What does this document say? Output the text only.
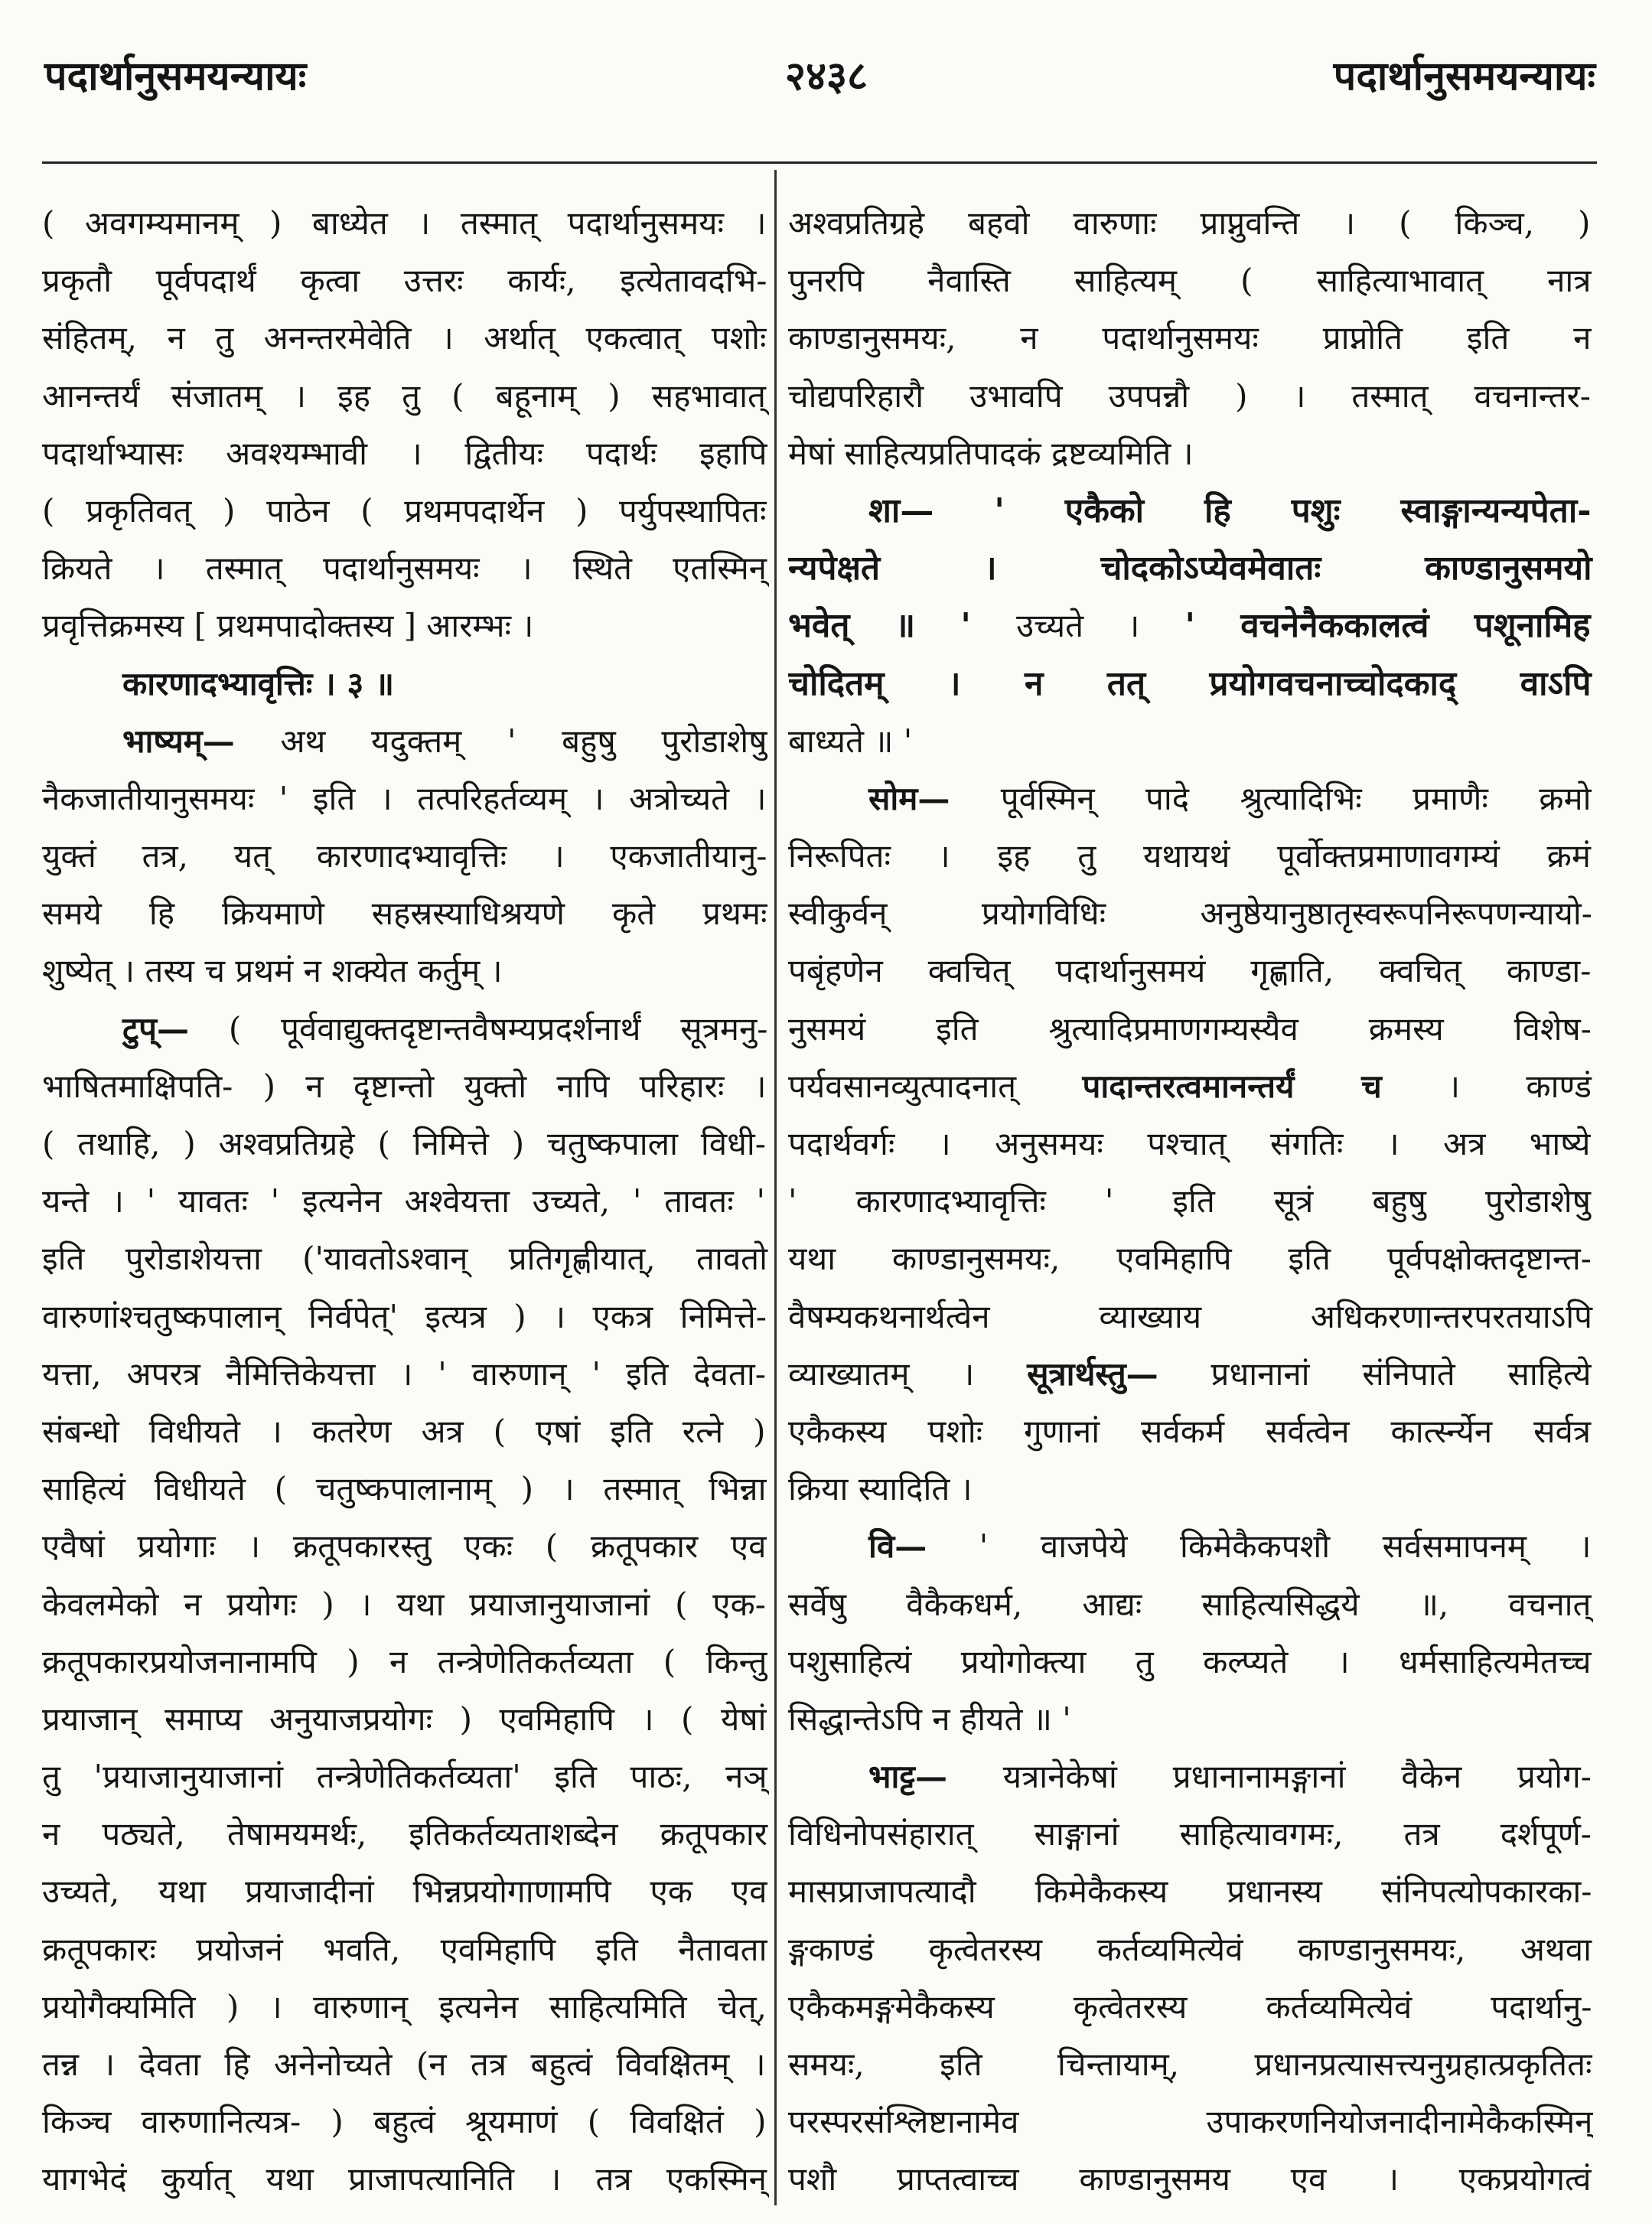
पदार्थानुसमयन्यायः	२४३८	पदार्थानुसमयन्यायः
( अवगम्यमानम् ) बाध्येत । तस्मात् पदार्थानुसमयः ।
प्रकृतौ पूर्वपदार्थं कृत्वा उत्तरः कार्यः, इत्येतावदभि-
संहितम्, न तु अनन्तरमेवेति । अर्थात् एकत्वात् पशोः
आनन्तर्यं संजातम् । इह तु ( बहूनाम् ) सहभावात्
पदार्थाभ्यासः अवश्यम्भावी । द्वितीयः पदार्थः इहापि
( प्रकृतिवत् ) पाठेन ( प्रथमपदार्थेन ) पर्युपस्थापितः
क्रियते । तस्मात् पदार्थानुसमयः । स्थिते एतस्मिन्
प्रवृत्तिक्रमस्य [ प्रथमपादोक्तस्य ] आरम्भः ।
कारणादभ्यावृत्तिः । ३ ॥
भाष्यम्— अथ यदुक्तम् ' बहुषु पुरोडाशेषु
नैकजातीयानुसमयः ' इति । तत्परिहर्तव्यम् । अत्रोच्यते ।
युक्तं तत्र, यत् कारणादभ्यावृत्तिः । एकजातीयानु-
समये हि क्रियमाणे सहस्रस्याधिश्रयणे कृते प्रथमः
शुष्येत् । तस्य च प्रथमं न शक्येत कर्तुम् ।
टुप्— ( पूर्ववाद्युक्तदृष्टान्तवैषम्यप्रदर्शनार्थं सूत्रमनु-
भाषितमाक्षिपति- ) न दृष्टान्तो युक्तो नापि परिहारः ।
( तथाहि, ) अश्वप्रतिग्रहे ( निमित्ते ) चतुष्कपाला विधी-
यन्ते । ' यावतः ' इत्यनेन अश्वेयत्ता उच्यते, ' तावतः '
इति पुरोडाशेयत्ता ('यावतोऽश्वान् प्रतिगृह्णीयात्, तावतो
वारुणांश्चतुष्कपालान् निर्वपेत्' इत्यत्र ) । एकत्र निमित्ते-
यत्ता, अपरत्र नैमित्तिकेयत्ता । ' वारुणान् ' इति देवता-
संबन्धो विधीयते । कतरेण अत्र ( एषां इति रत्ने )
साहित्यं विधीयते ( चतुष्कपालानाम् ) । तस्मात् भिन्ना
एवैषां प्रयोगाः । क्रतूपकारस्तु एकः ( क्रतूपकार एव
केवलमेको न प्रयोगः ) । यथा प्रयाजानुयाजानां ( एक-
क्रतूपकारप्रयोजनानामपि ) न तन्त्रेणेतिकर्तव्यता ( किन्तु
प्रयाजान् समाप्य अनुयाजप्रयोगः ) एवमिहापि । ( येषां
तु 'प्रयाजानुयाजानां तन्त्रेणेतिकर्तव्यता' इति पाठः, नञ्
न पठ्यते, तेषामयमर्थः, इतिकर्तव्यताशब्देन क्रतूपकार
उच्यते, यथा प्रयाजादीनां भिन्नप्रयोगाणामपि एक एव
क्रतूपकारः प्रयोजनं भवति, एवमिहापि इति नैतावता
प्रयोगैक्यमिति ) । वारुणान् इत्यनेन साहित्यमिति चेत्,
तन्न । देवता हि अनेनोच्यते (न तत्र बहुत्वं विवक्षितम् ।
किञ्च वारुणानित्यत्र- ) बहुत्वं श्रूयमाणं ( विवक्षितं )
यागभेदं कुर्यात् यथा प्राजापत्यानिति । तत्र एकस्मिन्
अश्वप्रतिग्रहे बहवो वारुणाः प्राप्नुवन्ति । ( किञ्च, )
पुनरपि नैवास्ति साहित्यम् ( साहित्याभावात् नात्र
काण्डानुसमयः, न पदार्थानुसमयः प्राप्नोति इति न
चोद्यपरिहारौ उभावपि उपपन्नौ ) । तस्मात् वचनान्तर-
मेषां साहित्यप्रतिपादकं द्रष्टव्यमिति ।
शा— ' एकैको हि पशुः स्वाङ्गान्यन्यपेता-
न्यपेक्षते । चोदकोऽप्येवमेवातः काण्डानुसमयो
भवेत् ॥ ' उच्यते । ' वचनेनैककालत्वं पशूनामिह
चोदितम् । न तत् प्रयोगवचनाच्चोदकाद् वाऽपि
बाध्यते ॥ '
सोम— पूर्वस्मिन् पादे श्रुत्यादिभिः प्रमाणैः क्रमो
निरूपितः । इह तु यथायथं पूर्वोक्तप्रमाणावगम्यं क्रमं
स्वीकुर्वन् प्रयोगविधिः अनुष्ठेयानुष्ठातृस्वरूपनिरूपणन्यायो-
पबृंहणेन क्वचित् पदार्थानुसमयं गृह्णाति, क्वचित् काण्डा-
नुसमयं इति श्रुत्यादिप्रमाणगम्यस्यैव क्रमस्य विशेष-
पर्यवसानव्युत्पादनात् पादान्तरत्वमानन्तर्यं च । काण्डं
पदार्थवर्गः । अनुसमयः पश्चात् संगतिः । अत्र भाष्ये
' कारणादभ्यावृत्तिः ' इति सूत्रं बहुषु पुरोडाशेषु
यथा काण्डानुसमयः, एवमिहापि इति पूर्वपक्षोक्तदृष्टान्त-
वैषम्यकथनार्थत्वेन व्याख्याय अधिकरणान्तरपरतयाऽपि
व्याख्यातम् । सूत्रार्थस्तु— प्रधानानां संनिपाते साहित्ये
एकैकस्य पशोः गुणानां सर्वकर्म सर्वत्वेन कार्त्स्न्येन सर्वत्र
क्रिया स्यादिति ।
वि— ' वाजपेये किमेकैकपशौ सर्वसमापनम् ।
सर्वेषु वैकैकधर्म, आद्यः साहित्यसिद्धये ॥, वचनात्
पशुसाहित्यं प्रयोगोक्त्या तु कल्प्यते । धर्मसाहित्यमेतच्च
सिद्धान्तेऽपि न हीयते ॥ '
भाट्ट— यत्रानेकेषां प्रधानानामङ्गानां वैकेन प्रयोग-
विधिनोपसंहारात् साङ्गानां साहित्यावगमः, तत्र दर्शपूर्ण-
मासप्राजापत्यादौ किमेकैकस्य प्रधानस्य संनिपत्योपकारका-
ङ्गकाण्डं कृत्वेतरस्य कर्तव्यमित्येवं काण्डानुसमयः, अथवा
एकैकमङ्गमेकैकस्य कृत्वेतरस्य कर्तव्यमित्येवं पदार्थानु-
समयः, इति चिन्तायाम्, प्रधानप्रत्यासत्त्यनुग्रहात्प्रकृतितः
परस्परसंश्लिष्टानामेव उपाकरणनियोजनादीनामेकैकस्मिन्
पशौ प्राप्तत्वाच्च काण्डानुसमय एव । एकप्रयोगत्वं
